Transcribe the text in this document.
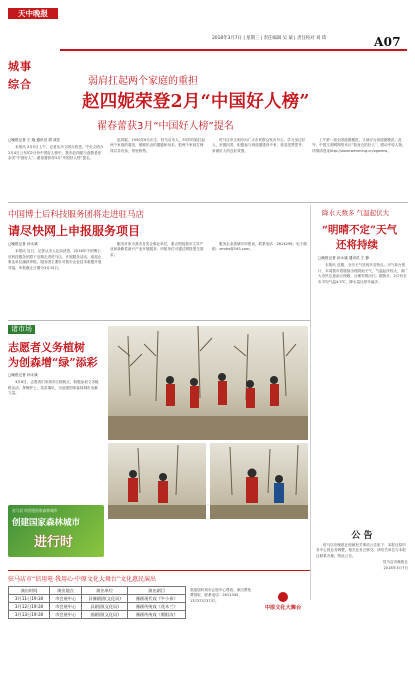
天中晚报
2018年3月7日 | 星期三 | 责任编辑 吴 蒙 | 责任校对 刘 琦	A07
城事
综合	弱肩扛起两个家庭的重担
赵四妮荣登2月“中国好人榜”
翟春蕾获3月“中国好人榜”提名
□晚报记者 王 晓 通讯员 胡 成佐

本报讯 3月5日上午，记者从市文明办获悉，中央文明办2月4日公布的2月份中国好人榜中，我市赵四妮当选敬老爱亲类“中国好人”。翟春蕾获得3月“中国好人榜”提名。

赵四妮，1950年6月出生，驻马店市人，53岁的她扛起两个家庭的重担，照顾年迈的婆婆和母亲，把两个家庭打理得井井有条，邻里称赞。

驻马店市文明办向广大市民群众发出号召，学习身边好人，崇德向善，积极参与到道德建设中来，营造见贤思齐、争做好人的良好氛围。

上午第一届全国道德模范，又被评为省道德模范；此外，中国文明网网络评议“我身边的好人”，感动中原人物。详情请登录http://www.wenming.cn/zgwmw。

中国博士后科技服务团将走进驻马店
请尽快网上申报服务项目
□晚报记者 孙永斌

本报讯 近日，记者从市人社局获悉，2018年中国博士后科技服务团将于近期走进驻马店，开展服务活动，欢迎企事业单位踊跃申报。服务团主要针对我市企业技术难题开展对接，申报截止日期为3月15日。

服务对象为我市各类企事业单位，重点围绕我市主导产业和战略性新兴产业开展服务，申报单位可通过网络提交需求。

服务企业需填写申报表，联系电话：2614298，电子邮箱：zmdrs@163.com。

诸市场
志愿者义务植树
为创森增“绿”添彩
□晚报记者 孙永斌

3月6日，志愿者们来到市区植树点，积极参加义务植树活动，挥锹铲土、扶苗填坑，为创建国家森林城市贡献力量。

驻马店市创建国家森林城市
创建国家森林城市
进行时
降水天数多 气温起伏大
“明晴不定”天气
还将持续
□晚报记者 孙永斌 通讯员 王 静

本报讯 近期，全市天气呈现多变特点。市气象台预计，本周我市将继续出现阴雨天气，气温起伏较大，请广大市民注意添衣保暖，合理安排出行。据统计，2月份全市平均气温4.5℃，降水量比常年偏多。

公 告

驻马店市晚报社现就有关事项公告如下：本报社原印务中心因业务调整，相关业务已移交，请有关单位与本报社联系办理。特此公告。

驻马店市晚报社
2018年3月7日
驻马店市“信用电·我用心·中原文化大舞台”文化惠民演出
演出时间	演出地点	演出单位	演出剧目
3月11日19:30	市会展中心	县豫剧团(文化局)	豫剧现代戏《牛小伟》
3月12日19:30	市会展中心	县剧团(文化局)	豫剧传统戏《花木兰》
3月13日19:30	市会展中心	曲剧团(文化局)	豫剧传统戏《朝阳沟》
欢迎届时到市会展中心观看。演出票免费领取，联系电话：2612345、13737373737。
中原文化大舞台
